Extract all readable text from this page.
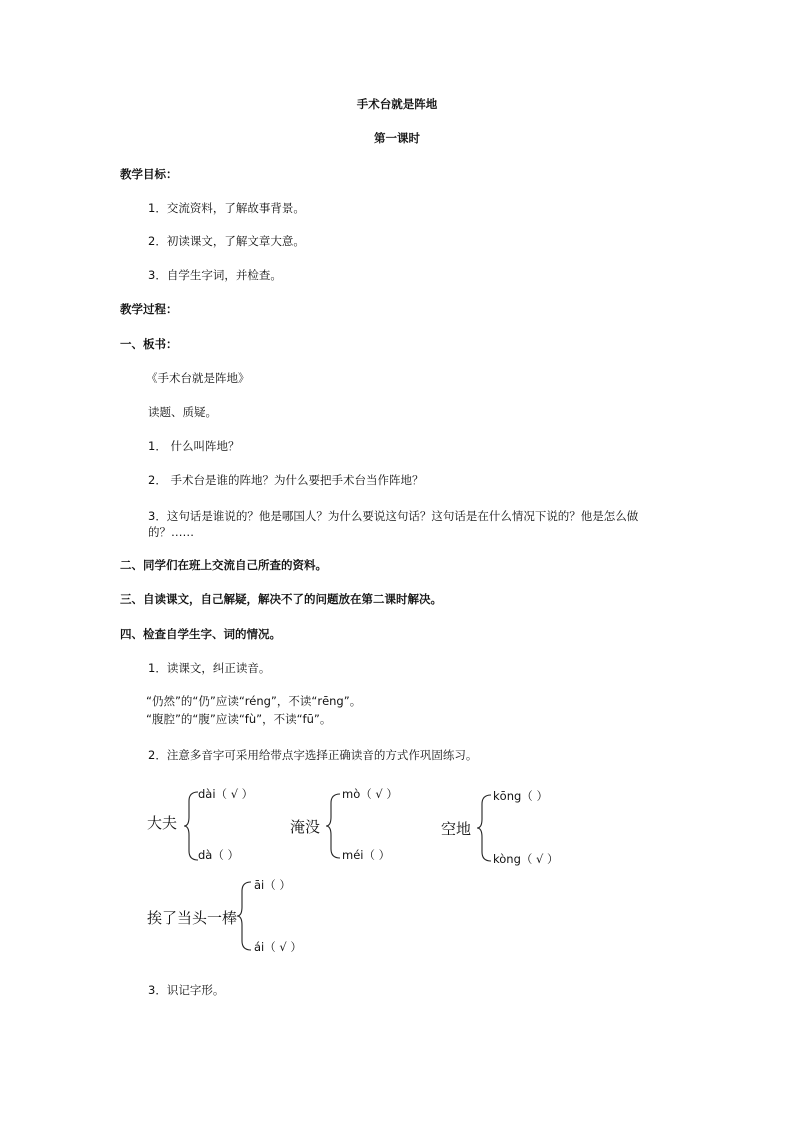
手术台就是阵地
第一课时
教学目标：
1．交流资料，了解故事背景。
2．初读课文，了解文章大意。
3．自学生字词，并检查。
教学过程：
一、板书：
《手术台就是阵地》
读题、质疑。
1． 什么叫阵地？
2． 手术台是谁的阵地？为什么要把手术台当作阵地？
3．这句话是谁说的？他是哪国人？为什么要说这句话？这句话是在什么情况下说的？他是怎么做的？……
二、同学们在班上交流自己所查的资料。
三、自读课文，自己解疑，解决不了的问题放在第二课时解决。
四、检查自学生字、词的情况。
1．读课文，纠正读音。
“仍然”的“仍”应读“réng”，不读“rēng”。
“腹腔”的“腹”应读“fù”，不读“fū”。
2．注意多音字可采用给带点字选择正确读音的方式作巩固练习。
大夫
dài（ √ ）
dà（ ）
淹没
mò（ √ ）
méi（ ）
空地
kōng（ ）
kòng（ √ ）
挨了当头一棒
āi（ ）
ái（ √ ）
3．识记字形。
